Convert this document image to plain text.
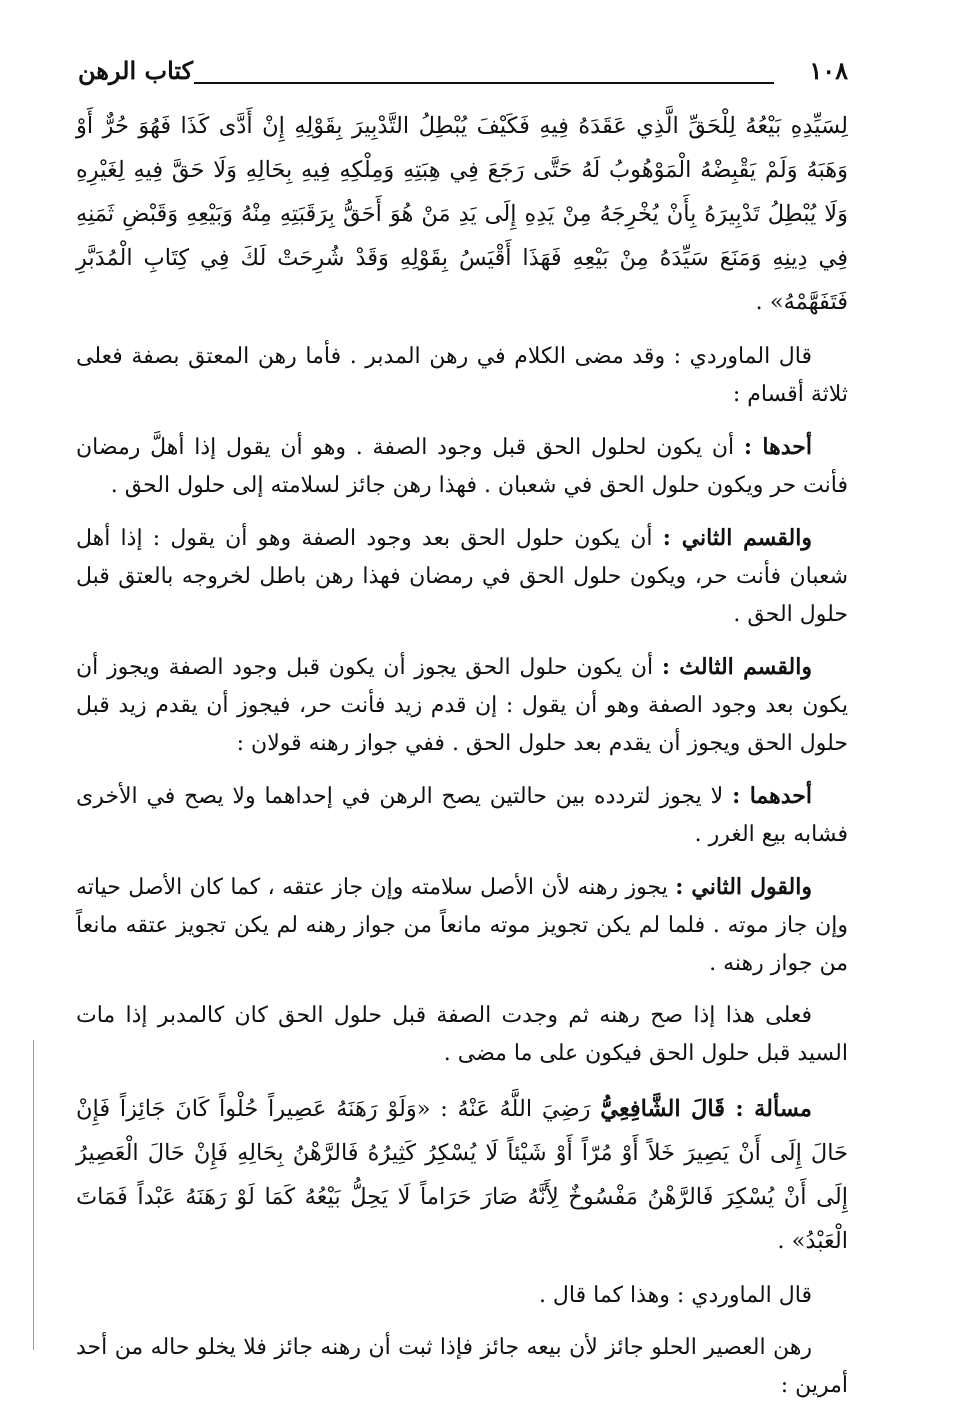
١٠٨
كتاب الرهن

لِسَيِّدِهِ بَيْعُهُ لِلْحَقِّ الَّذِي عَقَدَهُ فِيهِ فَكَيْفَ يُبْطِلُ التَّدْبِيرَ بِقَوْلِهِ إِنْ أَدَّى كَذَا فَهُوَ حُرٌّ أَوْ وَهَبَهُ وَلَمْ يَقْبِضْهُ الْمَوْهُوبُ لَهُ حَتَّى رَجَعَ فِي هِبَتِهِ وَمِلْكِهِ فِيهِ بِحَالِهِ وَلَا حَقَّ فِيهِ لِغَيْرِهِ وَلَا يُبْطِلُ تَدْبِيرَهُ بِأَنْ يُخْرِجَهُ مِنْ يَدِهِ إِلَى يَدِ مَنْ هُوَ أَحَقُّ بِرَقَبَتِهِ مِنْهُ وَبَيْعِهِ وَقَبْضِ ثَمَنِهِ فِي دِينِهِ وَمَنَعَ سَيِّدَهُ مِنْ بَيْعِهِ فَهَذَا أَقْيَسُ بِقَوْلِهِ وَقَدْ شُرِحَتْ لَكَ فِي كِتَابِ الْمُدَبَّرِ فَتَفَهَّمْهُ» .

قال الماوردي : وقد مضى الكلام في رهن المدبر . فأما رهن المعتق بصفة فعلى ثلاثة أقسام :

أحدها : أن يكون لحلول الحق قبل وجود الصفة . وهو أن يقول إذا أهلَّ رمضان فأنت حر ويكون حلول الحق في شعبان . فهذا رهن جائز لسلامته إلى حلول الحق .

والقسم الثاني : أن يكون حلول الحق بعد وجود الصفة وهو أن يقول : إذا أهل شعبان فأنت حر، ويكون حلول الحق في رمضان فهذا رهن باطل لخروجه بالعتق قبل حلول الحق .

والقسم الثالث : أن يكون حلول الحق يجوز أن يكون قبل وجود الصفة ويجوز أن يكون بعد وجود الصفة وهو أن يقول : إن قدم زيد فأنت حر، فيجوز أن يقدم زيد قبل حلول الحق ويجوز أن يقدم بعد حلول الحق . ففي جواز رهنه قولان :

أحدهما : لا يجوز لتردده بين حالتين يصح الرهن في إحداهما ولا يصح في الأخرى فشابه بيع الغرر .

والقول الثاني : يجوز رهنه لأن الأصل سلامته وإن جاز عتقه ، كما كان الأصل حياته وإن جاز موته . فلما لم يكن تجويز موته مانعاً من جواز رهنه لم يكن تجويز عتقه مانعاً من جواز رهنه .

فعلى هذا إذا صح رهنه ثم وجدت الصفة قبل حلول الحق كان كالمدبر إذا مات السيد قبل حلول الحق فيكون على ما مضى .

مسألة : قَالَ الشَّافِعِيُّ رَضِيَ اللَّهُ عَنْهُ : «وَلَوْ رَهَنَهُ عَصِيراً حُلْواً كَانَ جَائِزاً فَإِنْ حَالَ إِلَى أَنْ يَصِيرَ خَلاً أَوْ مُرّاً أَوْ شَيْئاً لَا يُسْكِرُ كَثِيرُهُ فَالرَّهْنُ بِحَالِهِ فَإِنْ حَالَ الْعَصِيرُ إِلَى أَنْ يُسْكِرَ فَالرَّهْنُ مَفْسُوخٌ لِأَنَّهُ صَارَ حَرَاماً لَا يَحِلُّ بَيْعُهُ كَمَا لَوْ رَهَنَهُ عَبْداً فَمَاتَ الْعَبْدُ» .

قال الماوردي : وهذا كما قال .

رهن العصير الحلو جائز لأن بيعه جائز فإذا ثبت أن رهنه جائز فلا يخلو حاله من أحد أمرين :
